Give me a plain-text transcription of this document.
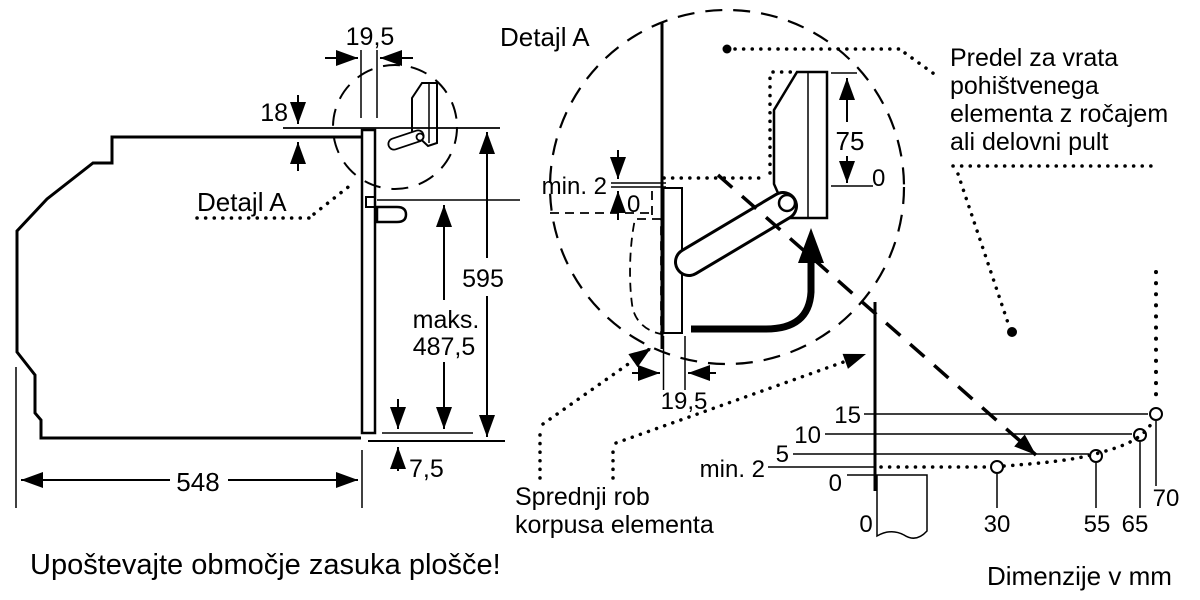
19,5
18
Detajl A
595
maks.
487,5
7,5
548
Upoštevajte območje zasuka plošče!
Detajl A
min. 2
0
75
0
19,5
Predel za vrata
pohištvenega
elementa z ročajem
ali delovni pult
Sprednji rob
korpusa elementa
15
10
5
min. 2
0
0	30	55 65
70
Dimenzije v mm
